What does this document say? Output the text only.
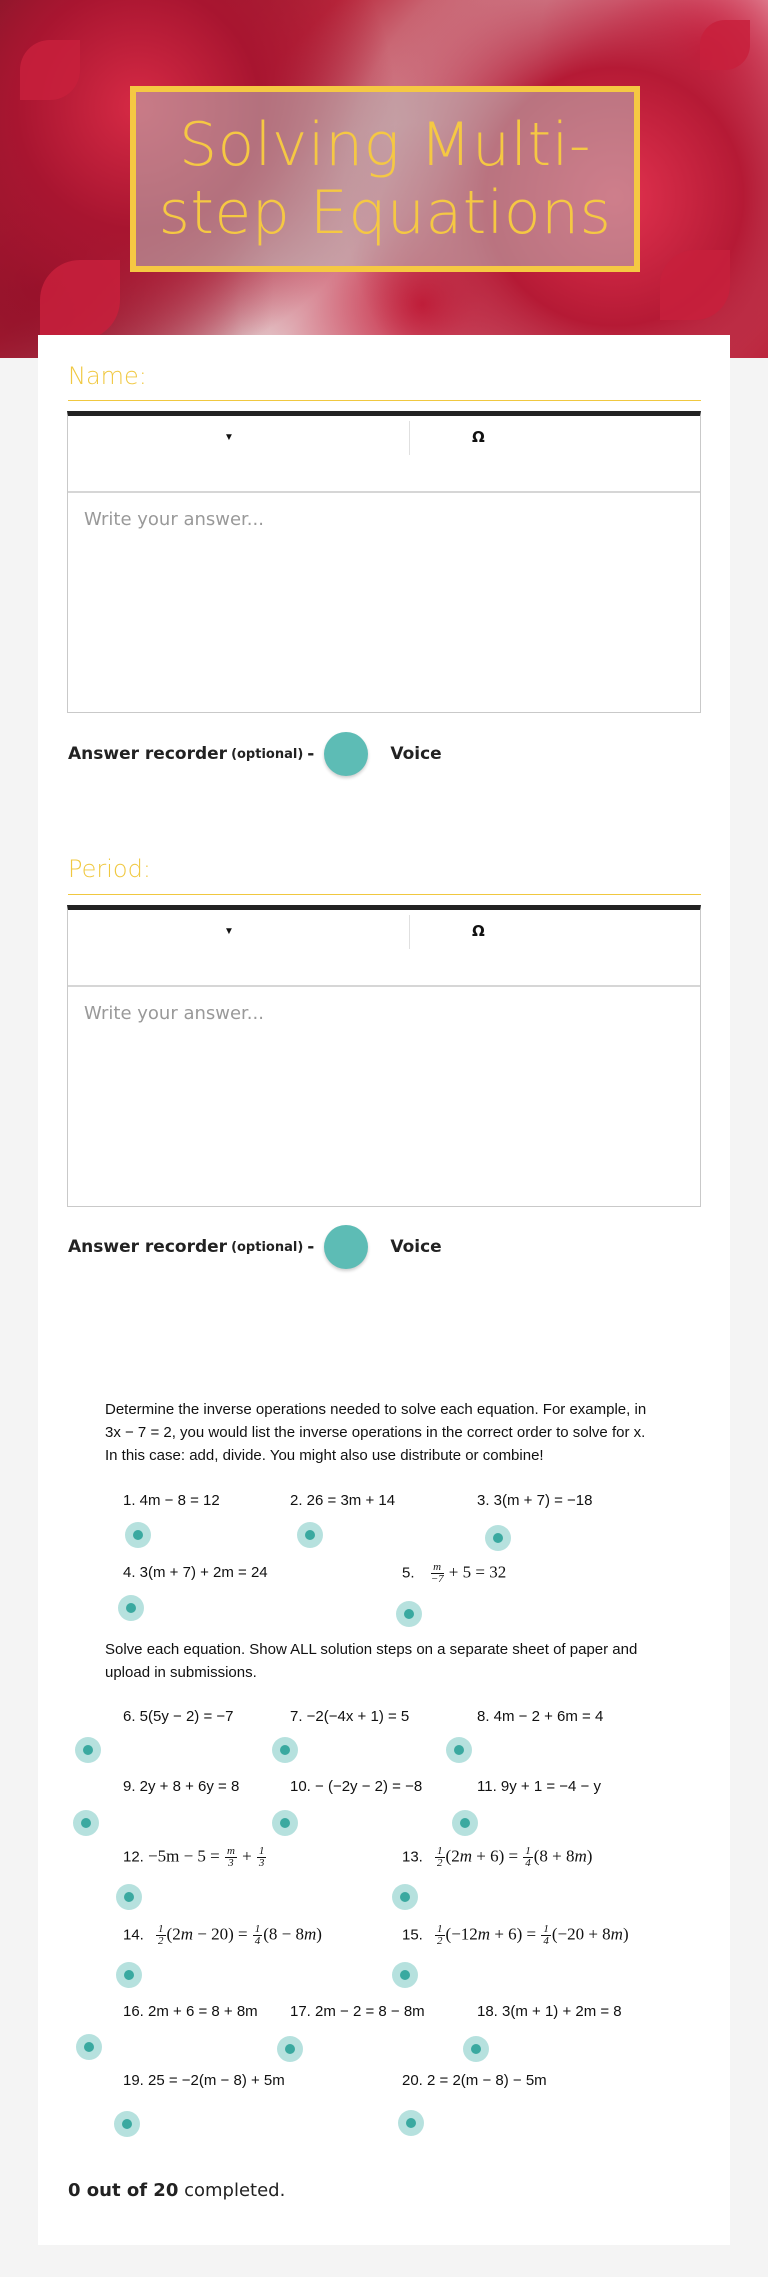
Solving Multi-step Equations
Name:
▼	Ω
Write your answer...
Answer recorder (optional) -	Voice
Period:
▼	Ω
Write your answer...
Answer recorder (optional) -	Voice
Determine the inverse operations needed to solve each equation. For example, in
3x − 7 = 2, you would list the inverse operations in the correct order to solve for x.
In this case: add, divide. You might also use distribute or combine!
1. 4m − 8 = 12	2. 26 = 3m + 14	3. 3(m + 7) = −18
4. 3(m + 7) + 2m = 24	5. $\frac{m}{-7} + 5 = 32$
Solve each equation. Show ALL solution steps on a separate sheet of paper and
upload in submissions.
6. 5(5y − 2) = −7	7. −2(−4x + 1) = 5	8. 4m − 2 + 6m = 4
9. 2y + 8 + 6y = 8	10. − (−2y − 2) = −8	11. 9y + 1 = −4 − y
12. $-5m - 5 = \frac{m}{3} + \frac{1}{3}$	13. $\frac{1}{2} (2m + 6) = \frac{1}{4} (8 + 8m)$
14. $\frac{1}{2} (2m - 20) = \frac{1}{4} (8 - 8m)$	15. $\frac{1}{2} (-12m + 6) = \frac{1}{4} (-20 + 8m)$
16. 2m + 6 = 8 + 8m 17. 2m − 2 = 8 − 8m	18. 3(m + 1) + 2m = 8
19. 25 = −2(m − 8) + 5m	20. 2 = 2(m − 8) − 5m
0 out of 20 completed.
